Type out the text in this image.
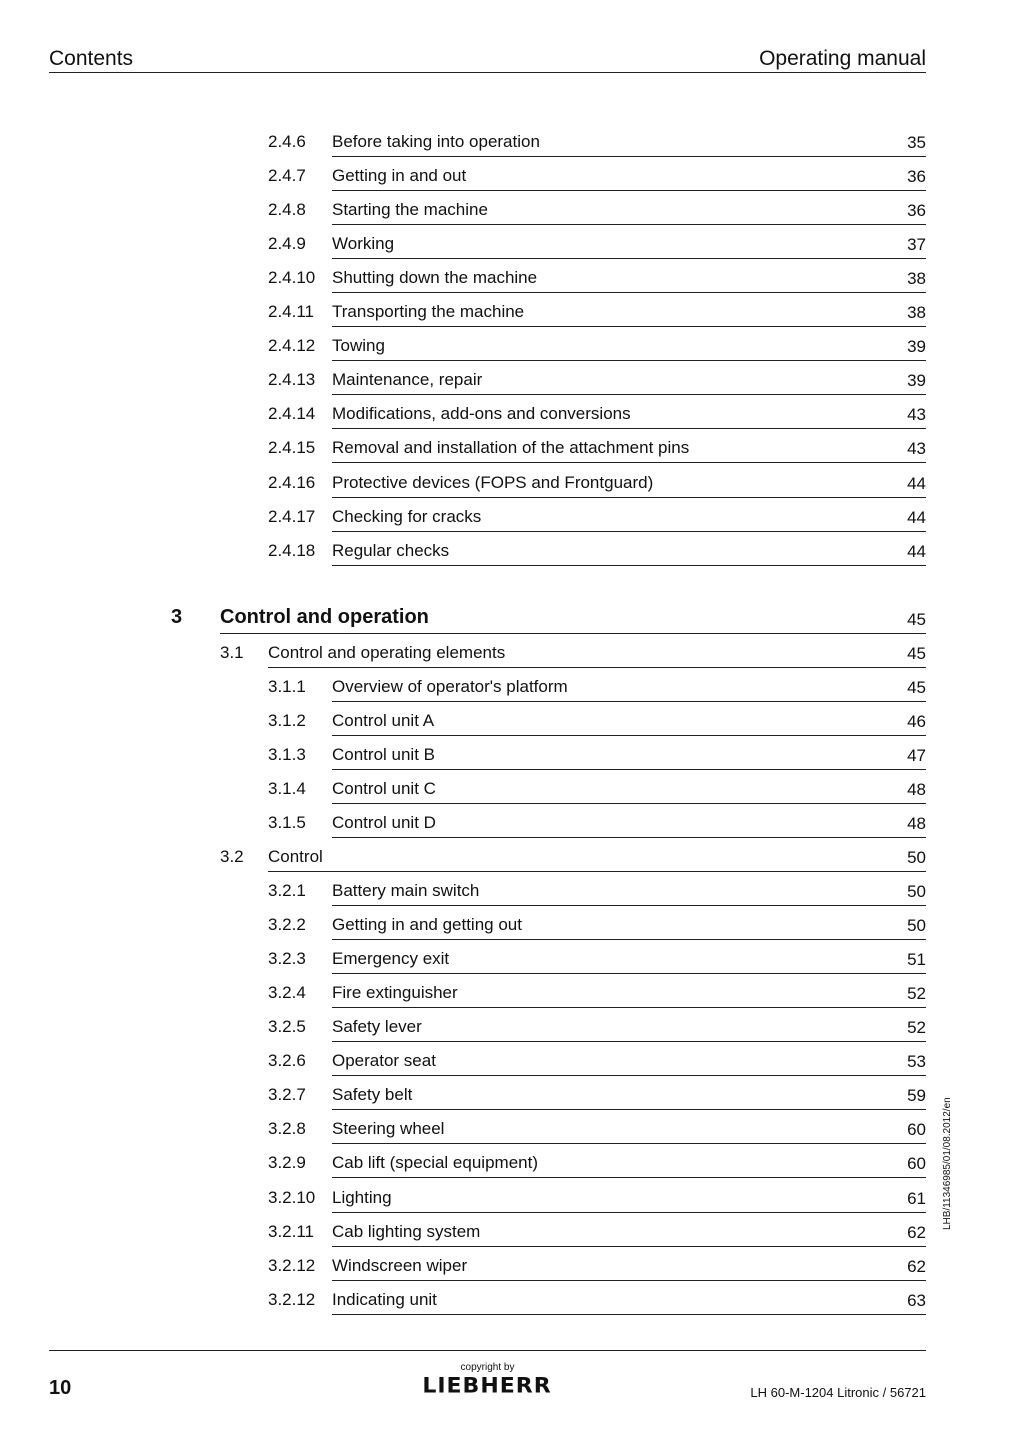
Contents	Operating manual
2.4.6 Before taking into operation	35
2.4.7 Getting in and out	36
2.4.8 Starting the machine	36
2.4.9 Working	37
2.4.10 Shutting down the machine	38
2.4.11 Transporting the machine	38
2.4.12 Towing	39
2.4.13 Maintenance, repair	39
2.4.14 Modifications, add-ons and conversions	43
2.4.15 Removal and installation of the attachment pins	43
2.4.16 Protective devices (FOPS and Frontguard)	44
2.4.17 Checking for cracks	44
2.4.18 Regular checks	44
3 Control and operation	45
3.1 Control and operating elements	45
3.1.1 Overview of operator's platform	45
3.1.2 Control unit A	46
3.1.3 Control unit B	47
3.1.4 Control unit C	48
3.1.5 Control unit D	48
3.2 Control	50
3.2.1 Battery main switch	50
3.2.2 Getting in and getting out	50
3.2.3 Emergency exit	51
3.2.4 Fire extinguisher	52
3.2.5 Safety lever	52
3.2.6 Operator seat	53
3.2.7 Safety belt	59
3.2.8 Steering wheel	60
3.2.9 Cab lift (special equipment)	60
3.2.10 Lighting	61
3.2.11 Cab lighting system	62
3.2.12 Windscreen wiper	62
3.2.12 Indicating unit	63
LHB/11346985/01/08.2012/en
10
copyright by
LIEBHERR	LH 60-M-1204 Litronic / 56721
